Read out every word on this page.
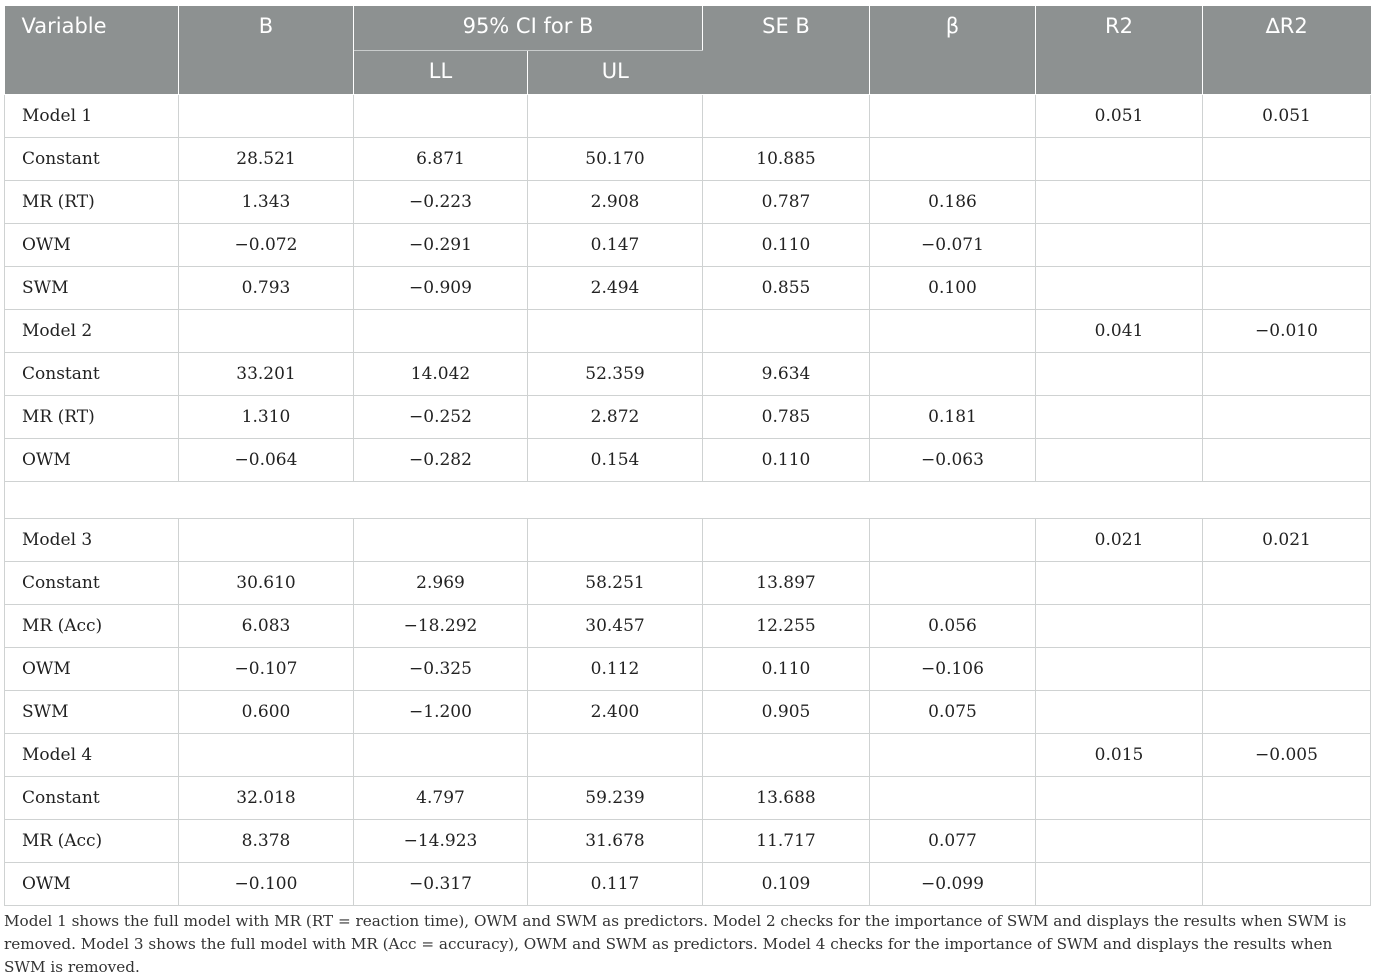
Variable	B	95% CI for B		SE B	β	R2	∆R2
		LL	UL				
Model 1						0.051	0.051
Constant	28.521	6.871	50.170	10.885			
MR (RT)	1.343	−0.223	2.908	0.787	0.186		
OWM	−0.072	−0.291	0.147	0.110	−0.071		
SWM	0.793	−0.909	2.494	0.855	0.100		
Model 2						0.041	−0.010
Constant	33.201	14.042	52.359	9.634			
MR (RT)	1.310	−0.252	2.872	0.785	0.181		
OWM	−0.064	−0.282	0.154	0.110	−0.063		

Model 3						0.021	0.021
Constant	30.610	2.969	58.251	13.897			
MR (Acc)	6.083	−18.292	30.457	12.255	0.056		
OWM	−0.107	−0.325	0.112	0.110	−0.106		
SWM	0.600	−1.200	2.400	0.905	0.075		
Model 4						0.015	−0.005
Constant	32.018	4.797	59.239	13.688			
MR (Acc)	8.378	−14.923	31.678	11.717	0.077		
OWM	−0.100	−0.317	0.117	0.109	−0.099		

Model 1 shows the full model with MR (RT = reaction time), OWM and SWM as predictors. Model 2 checks for the importance of SWM and displays the results when SWM is removed. Model 3 shows the full model with MR (Acc = accuracy), OWM and SWM as predictors. Model 4 checks for the importance of SWM and displays the results when SWM is removed.
